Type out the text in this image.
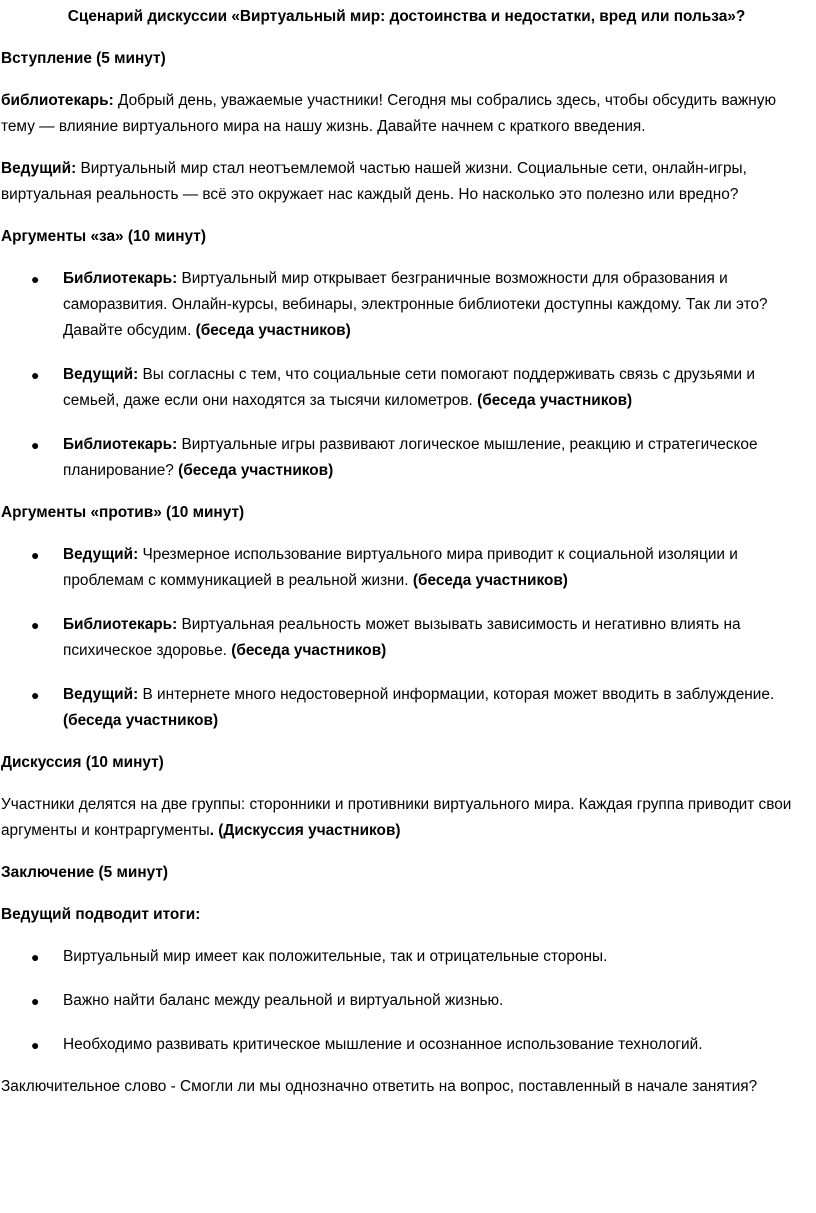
Сценарий дискуссии «Виртуальный мир: достоинства и недостатки, вред или польза»?
Вступление (5 минут)

библиотекарь: Добрый день, уважаемые участники! Сегодня мы собрались здесь, чтобы обсудить важную тему — влияние виртуального мира на нашу жизнь. Давайте начнем с краткого введения.

Ведущий: Виртуальный мир стал неотъемлемой частью нашей жизни. Социальные сети, онлайн-игры, виртуальная реальность — всё это окружает нас каждый день. Но насколько это полезно или вредно?

Аргументы «за» (10 минут)
● Библиотекарь: Виртуальный мир открывает безграничные возможности для образования и саморазвития. Онлайн-курсы, вебинары, электронные библиотеки доступны каждому. Так ли это? Давайте обсудим. (беседа участников)
● Ведущий: Вы согласны с тем, что социальные сети помогают поддерживать связь с друзьями и семьей, даже если они находятся за тысячи километров. (беседа участников)
● Библиотекарь: Виртуальные игры развивают логическое мышление, реакцию и стратегическое планирование? (беседа участников)
Аргументы «против» (10 минут)
● Ведущий: Чрезмерное использование виртуального мира приводит к социальной изоляции и проблемам с коммуникацией в реальной жизни. (беседа участников)
● Библиотекарь: Виртуальная реальность может вызывать зависимость и негативно влиять на психическое здоровье. (беседа участников)
● Ведущий: В интернете много недостоверной информации, которая может вводить в заблуждение. (беседа участников)
Дискуссия (10 минут)

Участники делятся на две группы: сторонники и противники виртуального мира. Каждая группа приводит свои аргументы и контраргументы. (Дискуссия участников)

Заключение (5 минут)
Ведущий подводит итоги:
● Виртуальный мир имеет как положительные, так и отрицательные стороны.
● Важно найти баланс между реальной и виртуальной жизнью.
● Необходимо развивать критическое мышление и осознанное использование технологий.

Заключительное слово - Смогли ли мы однозначно ответить на вопрос, поставленный в начале занятия?
